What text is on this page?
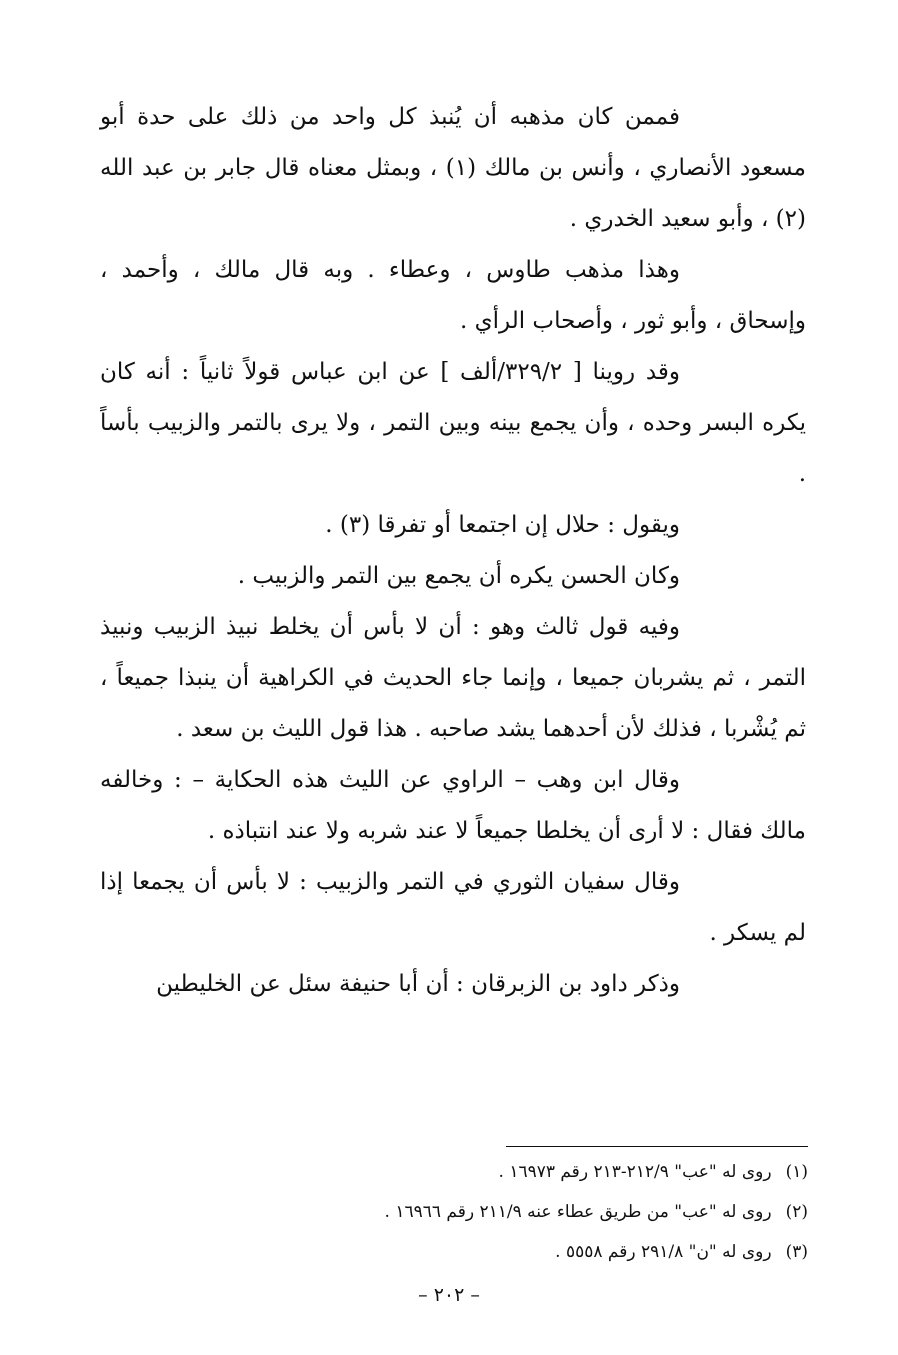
فممن كان مذهبه أن يُنبذ كل واحد من ذلك على حدة أبو مسعود الأنصاري ، وأنس بن مالك (١) ، وبمثل معناه قال جابر بن عبد الله (٢) ، وأبو سعيد الخدري .

وهذا مذهب طاوس ، وعطاء . وبه قال مالك ، وأحمد ، وإسحاق ، وأبو ثور ، وأصحاب الرأي .

وقد روينا [ ٣٢٩/٢/ألف ] عن ابن عباس قولاً ثانياً : أنه كان يكره البسر وحده ، وأن يجمع بينه وبين التمر ، ولا يرى بالتمر والزبيب بأساً .

ويقول : حلال إن اجتمعا أو تفرقا (٣) .

وكان الحسن يكره أن يجمع بين التمر والزبيب .

وفيه قول ثالث وهو : أن لا بأس أن يخلط نبيذ الزبيب ونبيذ التمر ، ثم يشربان جميعا ، وإنما جاء الحديث في الكراهية أن ينبذا جميعاً ، ثم يُشْربا ، فذلك لأن أحدهما يشد صاحبه . هذا قول الليث بن سعد .

وقال ابن وهب – الراوي عن الليث هذه الحكاية – : وخالفه مالك فقال : لا أرى أن يخلطا جميعاً لا عند شربه ولا عند انتباذه .

وقال سفيان الثوري في التمر والزبيب : لا بأس أن يجمعا إذا لم يسكر .

وذكر داود بن الزبرقان : أن أبا حنيفة سئل عن الخليطين

(١)روى له "عب" ٢١٢/٩-٢١٣ رقم ١٦٩٧٣ .

(٢)روى له "عب" من طريق عطاء عنه ٢١١/٩ رقم ١٦٩٦٦ .

(٣)روى له "ن" ٢٩١/٨ رقم ٥٥٥٨ .

– ٢٠٢ –
